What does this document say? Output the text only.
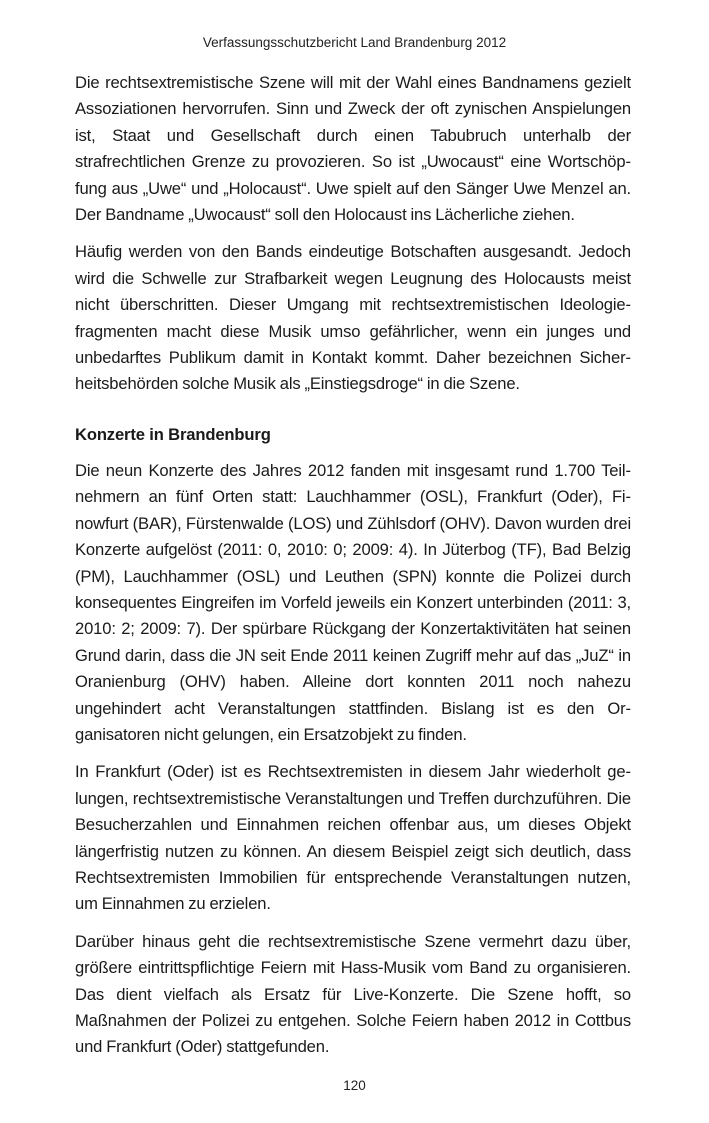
Verfassungsschutzbericht Land Brandenburg 2012

Die rechtsextremistische Szene will mit der Wahl eines Bandnamens gezielt Assoziationen hervorrufen. Sinn und Zweck der oft zynischen Anspielungen ist, Staat und Gesellschaft durch einen Tabubruch unterhalb der strafrechtlichen Grenze zu provozieren. So ist „Uwocaust“ eine Wortschöpfung aus „Uwe“ und „Holocaust“. Uwe spielt auf den Sänger Uwe Menzel an. Der Bandname „Uwocaust“ soll den Holocaust ins Lächerliche ziehen.

Häufig werden von den Bands eindeutige Botschaften ausgesandt. Jedoch wird die Schwelle zur Strafbarkeit wegen Leugnung des Holocausts meist nicht überschritten. Dieser Umgang mit rechtsextremistischen Ideologiefragmenten macht diese Musik umso gefährlicher, wenn ein junges und unbedarftes Publikum damit in Kontakt kommt. Daher bezeichnen Sicherheitsbehörden solche Musik als „Einstiegsdroge“ in die Szene.

Konzerte in Brandenburg

Die neun Konzerte des Jahres 2012 fanden mit insgesamt rund 1.700 Teilnehmern an fünf Orten statt: Lauchhammer (OSL), Frankfurt (Oder), Finowfurt (BAR), Fürstenwalde (LOS) und Zühlsdorf (OHV). Davon wurden drei Konzerte aufgelöst (2011: 0, 2010: 0; 2009: 4). In Jüterbog (TF), Bad Belzig (PM), Lauchhammer (OSL) und Leuthen (SPN) konnte die Polizei durch konsequentes Eingreifen im Vorfeld jeweils ein Konzert unterbinden (2011: 3, 2010: 2; 2009: 7). Der spürbare Rückgang der Konzertaktivitäten hat seinen Grund darin, dass die JN seit Ende 2011 keinen Zugriff mehr auf das „JuZ“ in Oranienburg (OHV) haben. Alleine dort konnten 2011 noch nahezu ungehindert acht Veranstaltungen stattfinden. Bislang ist es den Organisatoren nicht gelungen, ein Ersatzobjekt zu finden.

In Frankfurt (Oder) ist es Rechtsextremisten in diesem Jahr wiederholt gelungen, rechtsextremistische Veranstaltungen und Treffen durchzuführen. Die Besucherzahlen und Einnahmen reichen offenbar aus, um dieses Objekt längerfristig nutzen zu können. An diesem Beispiel zeigt sich deutlich, dass Rechtsextremisten Immobilien für entsprechende Veranstaltungen nutzen, um Einnahmen zu erzielen.

Darüber hinaus geht die rechtsextremistische Szene vermehrt dazu über, größere eintrittspflichtige Feiern mit Hass-Musik vom Band zu organisieren. Das dient vielfach als Ersatz für Live-Konzerte. Die Szene hofft, so Maßnahmen der Polizei zu entgehen. Solche Feiern haben 2012 in Cottbus und Frankfurt (Oder) stattgefunden.

120
